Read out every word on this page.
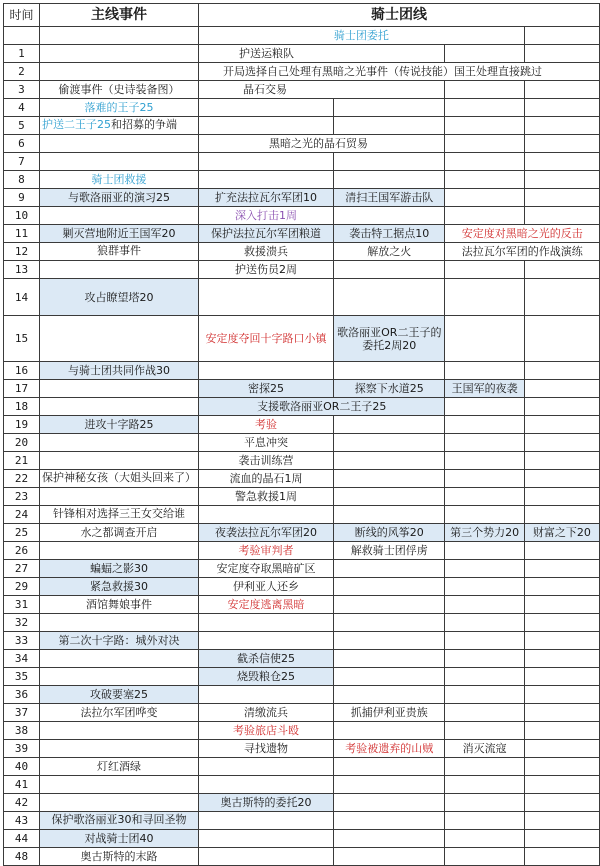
时间	主线事件	骑士团线			
		骑士团委托			
1		护送运粮队			
2		开局选择自己处理有黑暗之光事件（传说技能）国王处理直接跳过			
3	偷渡事件（史诗装备图）	晶石交易			
4	落难的王子25				
5	护送二王子25和招募的争端				

6		黑暗之光的晶石贸易			
7					
8	骑士团救援				
9	与歌洛丽亚的演习25	扩充法拉瓦尔军团10	清扫王国军游击队		
10		深入打击1周			
11	剿灭营地附近王国军20	保护法拉瓦尔军团粮道	袭击特工据点10	安定度对黑暗之光的反击	
12	狼群事件	救援溃兵	解放之火	法拉瓦尔军团的作战演练	
13		护送伤员2周			
14	攻占瞭望塔20				
15		安定度夺回十字路口小镇	歌洛丽亚OR二王子的委托2周20		
16	与骑士团共同作战30				
17		密探25	探察下水道25	王国军的夜袭	
18		支援歌洛丽亚OR二王子25			
19	进攻十字路25	考验			
20		平息冲突			
21		袭击训练营			
22	保护神秘女孩（大姐头回来了）	流血的晶石1周			
23		警急救援1周			
24	针锋相对选择三王女交给谁				

25	水之都调查开启	夜袭法拉瓦尔军团20	断线的风筝20	第三个势力20	财富之下20
26		考验审判者	解救骑士团俘虏		
27	蝙蝠之影30	安定度夺取黑暗矿区			
29	紧急救援30	伊利亚人还乡			
31	酒馆舞娘事件	安定度逃离黑暗			
32					
33	第二次十字路：城外对决				
34		截杀信使25			
35		烧毁粮仓25			
36	攻破要塞25				
37	法拉尔军团哗变	清缴流兵	抓捕伊利亚贵族		
38		考验旅店斗殴			
39		寻找遗物	考验被遗弃的山贼	消灭流寇	
40	灯红酒绿				
41					
42		奥古斯特的委托20			
43	保护歌洛丽亚30和寻回圣物				

44	对战骑士团40				
48	奥古斯特的末路				
